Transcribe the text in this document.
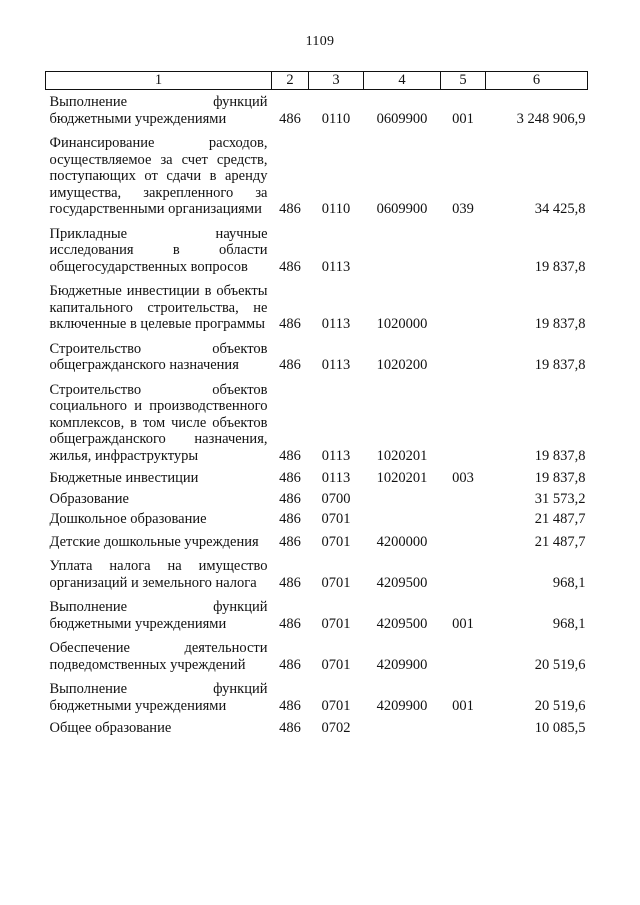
1109
1	2	3	4	5	6
Выполнение функций бюджетными учреждениями	486	0110	0609900	001	3 248 906,9
Финансирование расходов, осуществляемое за счет средств, поступающих от сдачи в аренду имущества, закрепленного за государственными организациями	486	0110	0609900	039	34 425,8
Прикладные научные исследования в области общегосударственных вопросов	486	0113			19 837,8
Бюджетные инвестиции в объекты капитального строительства, не включенные в целевые программы	486	0113	1020000		19 837,8
Строительство объектов общегражданского назначения	486	0113	1020200		19 837,8
Строительство объектов социального и производственного комплексов, в том числе объектов общегражданского назначения, жилья, инфраструктуры	486	0113	1020201		19 837,8
Бюджетные инвестиции	486	0113	1020201	003	19 837,8
Образование	486	0700			31 573,2
Дошкольное образование	486	0701			21 487,7
Детские дошкольные учреждения	486	0701	4200000		21 487,7
Уплата налога на имущество организаций и земельного налога	486	0701	4209500		968,1
Выполнение функций бюджетными учреждениями	486	0701	4209500	001	968,1
Обеспечение деятельности подведомственных учреждений	486	0701	4209900		20 519,6
Выполнение функций бюджетными учреждениями	486	0701	4209900	001	20 519,6
Общее образование	486	0702			10 085,5
